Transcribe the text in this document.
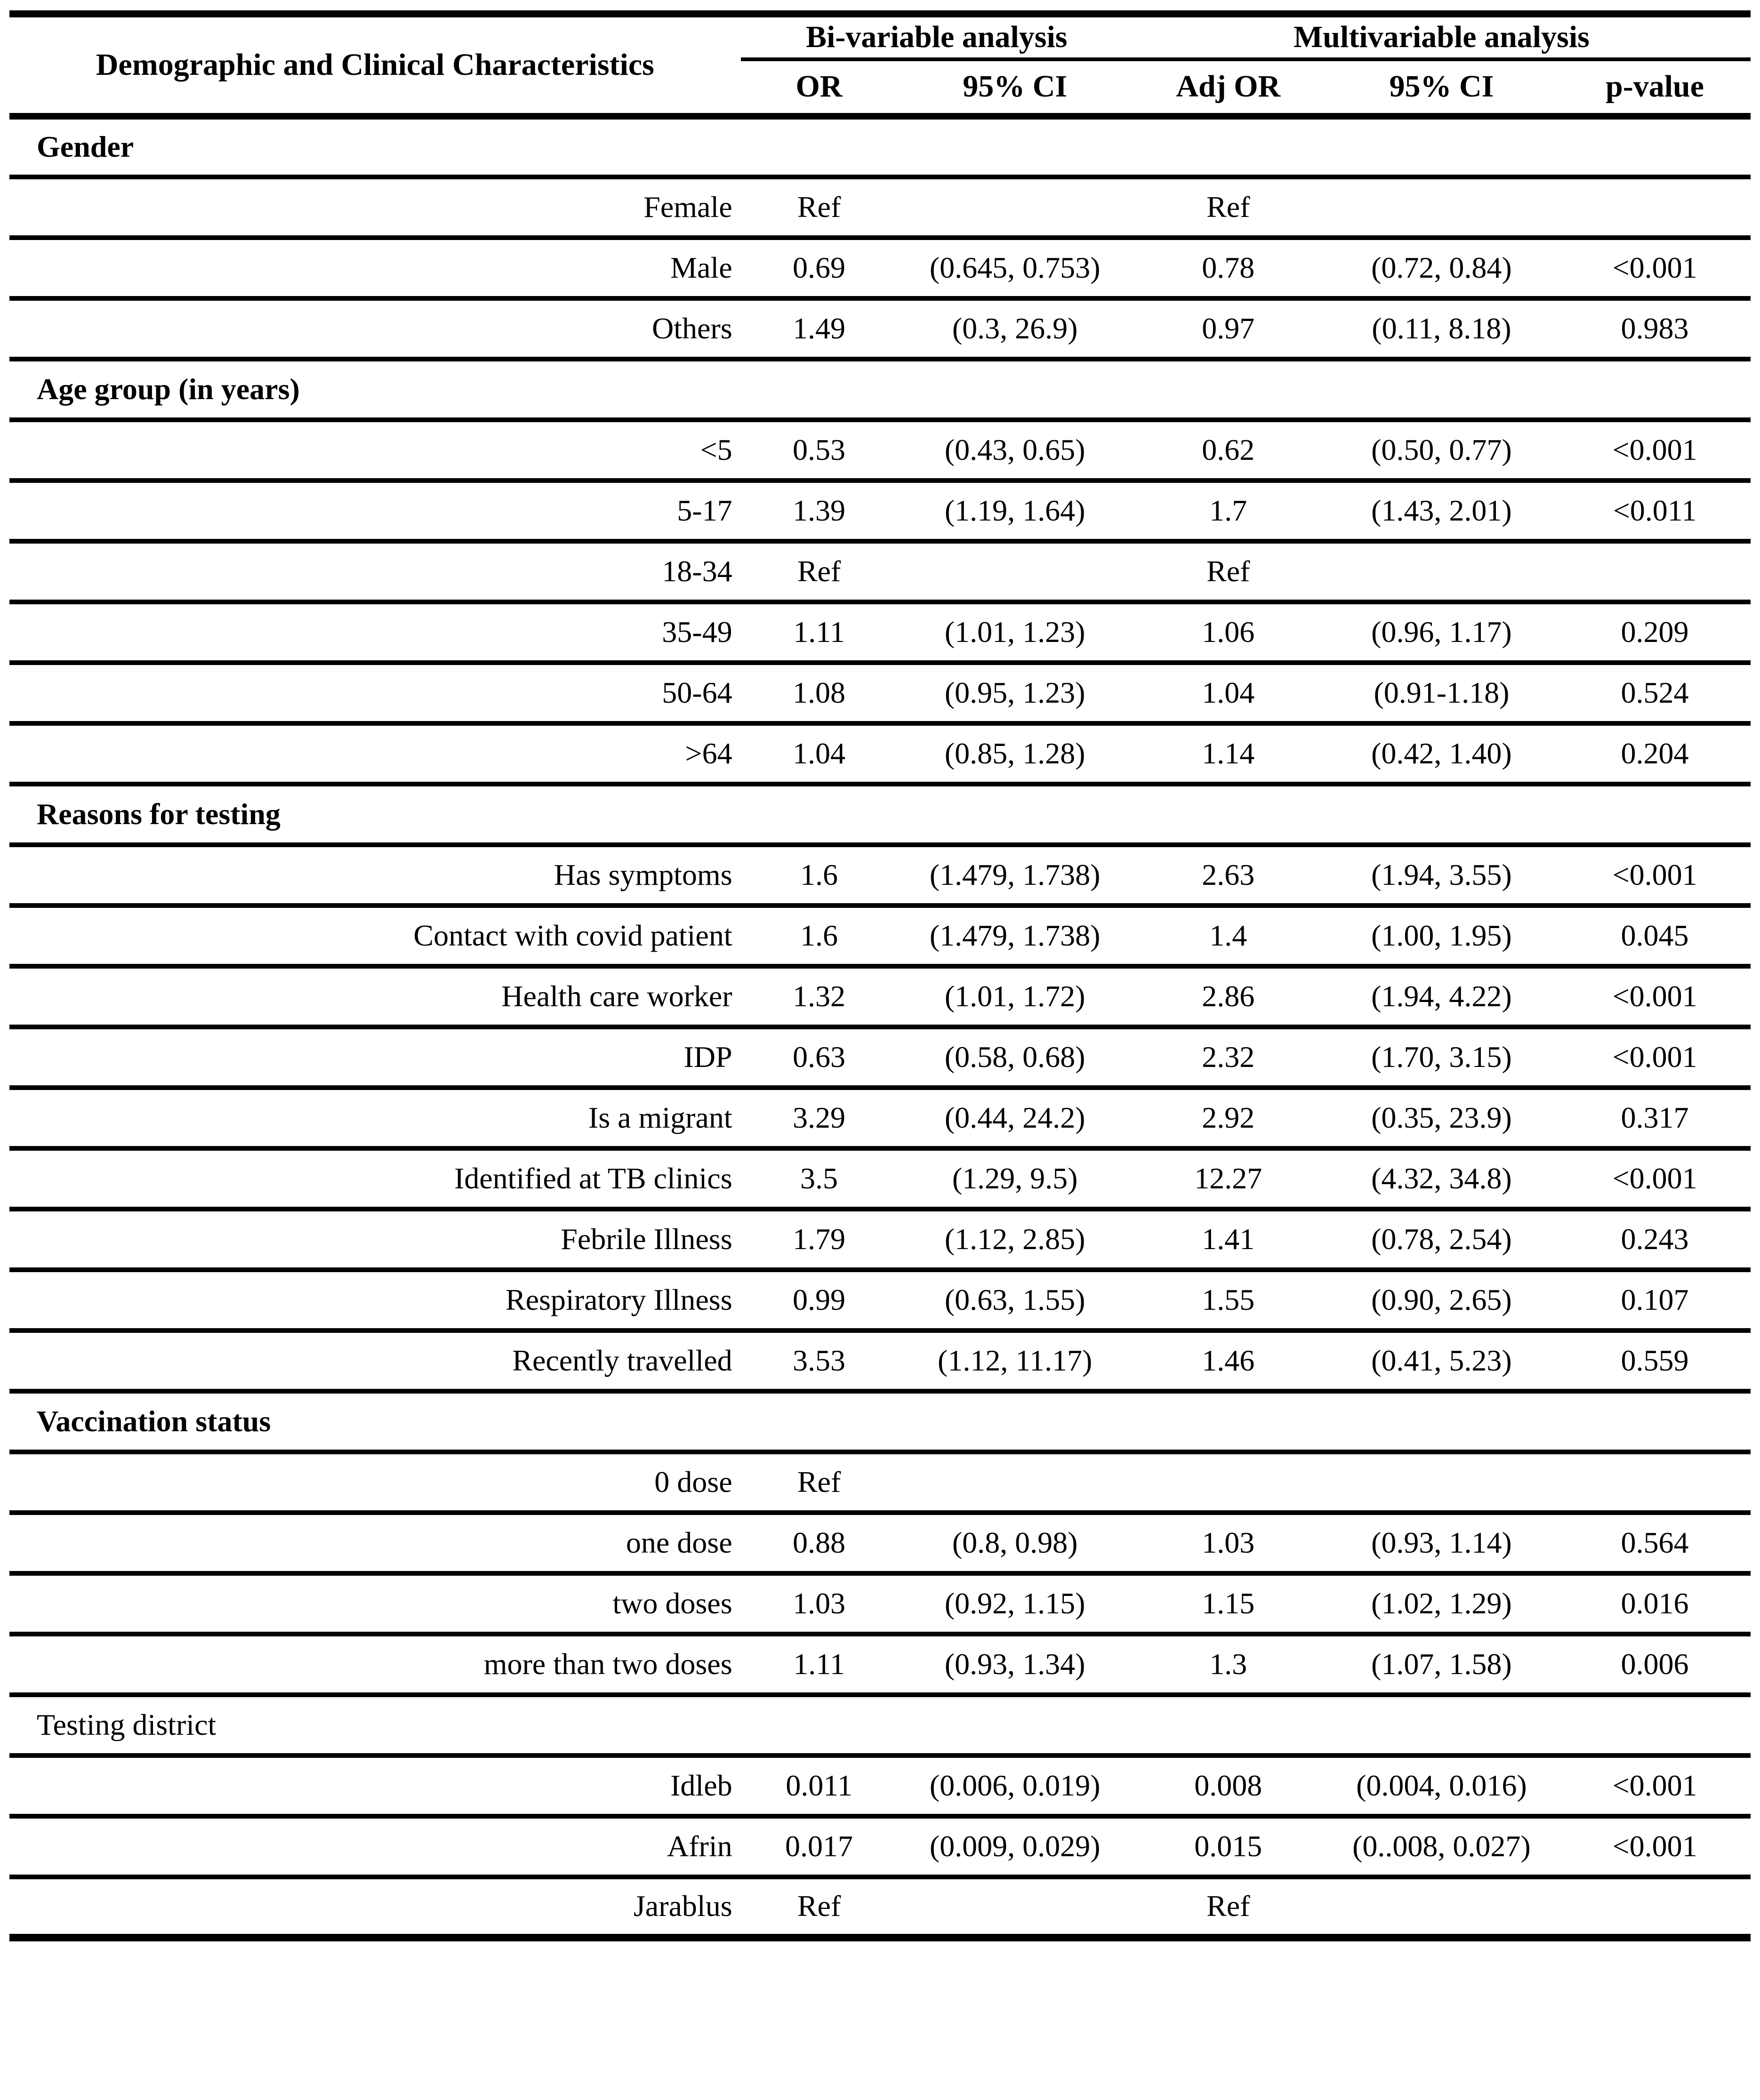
Demographic and Clinical Characteristics	Bi-variable analysis		Multivariable analysis		
	OR	95% CI	Adj OR	95% CI	p-value
Gender					
Female	Ref		Ref		
Male	0.69	(0.645, 0.753)	0.78	(0.72, 0.84)	<0.001
Others	1.49	(0.3, 26.9)	0.97	(0.11, 8.18)	0.983
Age group (in years)					
<5	0.53	(0.43, 0.65)	0.62	(0.50, 0.77)	<0.001
5-17	1.39	(1.19, 1.64)	1.7	(1.43, 2.01)	<0.011
18-34	Ref		Ref		
35-49	1.11	(1.01, 1.23)	1.06	(0.96, 1.17)	0.209
50-64	1.08	(0.95, 1.23)	1.04	(0.91-1.18)	0.524
>64	1.04	(0.85, 1.28)	1.14	(0.42, 1.40)	0.204
Reasons for testing					
Has symptoms	1.6	(1.479, 1.738)	2.63	(1.94, 3.55)	<0.001
Contact with covid patient	1.6	(1.479, 1.738)	1.4	(1.00, 1.95)	0.045
Health care worker	1.32	(1.01, 1.72)	2.86	(1.94, 4.22)	<0.001
IDP	0.63	(0.58, 0.68)	2.32	(1.70, 3.15)	<0.001
Is a migrant	3.29	(0.44, 24.2)	2.92	(0.35, 23.9)	0.317
Identified at TB clinics	3.5	(1.29, 9.5)	12.27	(4.32, 34.8)	<0.001
Febrile Illness	1.79	(1.12, 2.85)	1.41	(0.78, 2.54)	0.243
Respiratory Illness	0.99	(0.63, 1.55)	1.55	(0.90, 2.65)	0.107
Recently travelled	3.53	(1.12, 11.17)	1.46	(0.41, 5.23)	0.559
Vaccination status					
0 dose	Ref				
one dose	0.88	(0.8, 0.98)	1.03	(0.93, 1.14)	0.564
two doses	1.03	(0.92, 1.15)	1.15	(1.02, 1.29)	0.016
more than two doses	1.11	(0.93, 1.34)	1.3	(1.07, 1.58)	0.006
Testing district					
Idleb	0.011	(0.006, 0.019)	0.008	(0.004, 0.016)	<0.001
Afrin	0.017	(0.009, 0.029)	0.015	(0..008, 0.027)	<0.001
Jarablus	Ref		Ref		
